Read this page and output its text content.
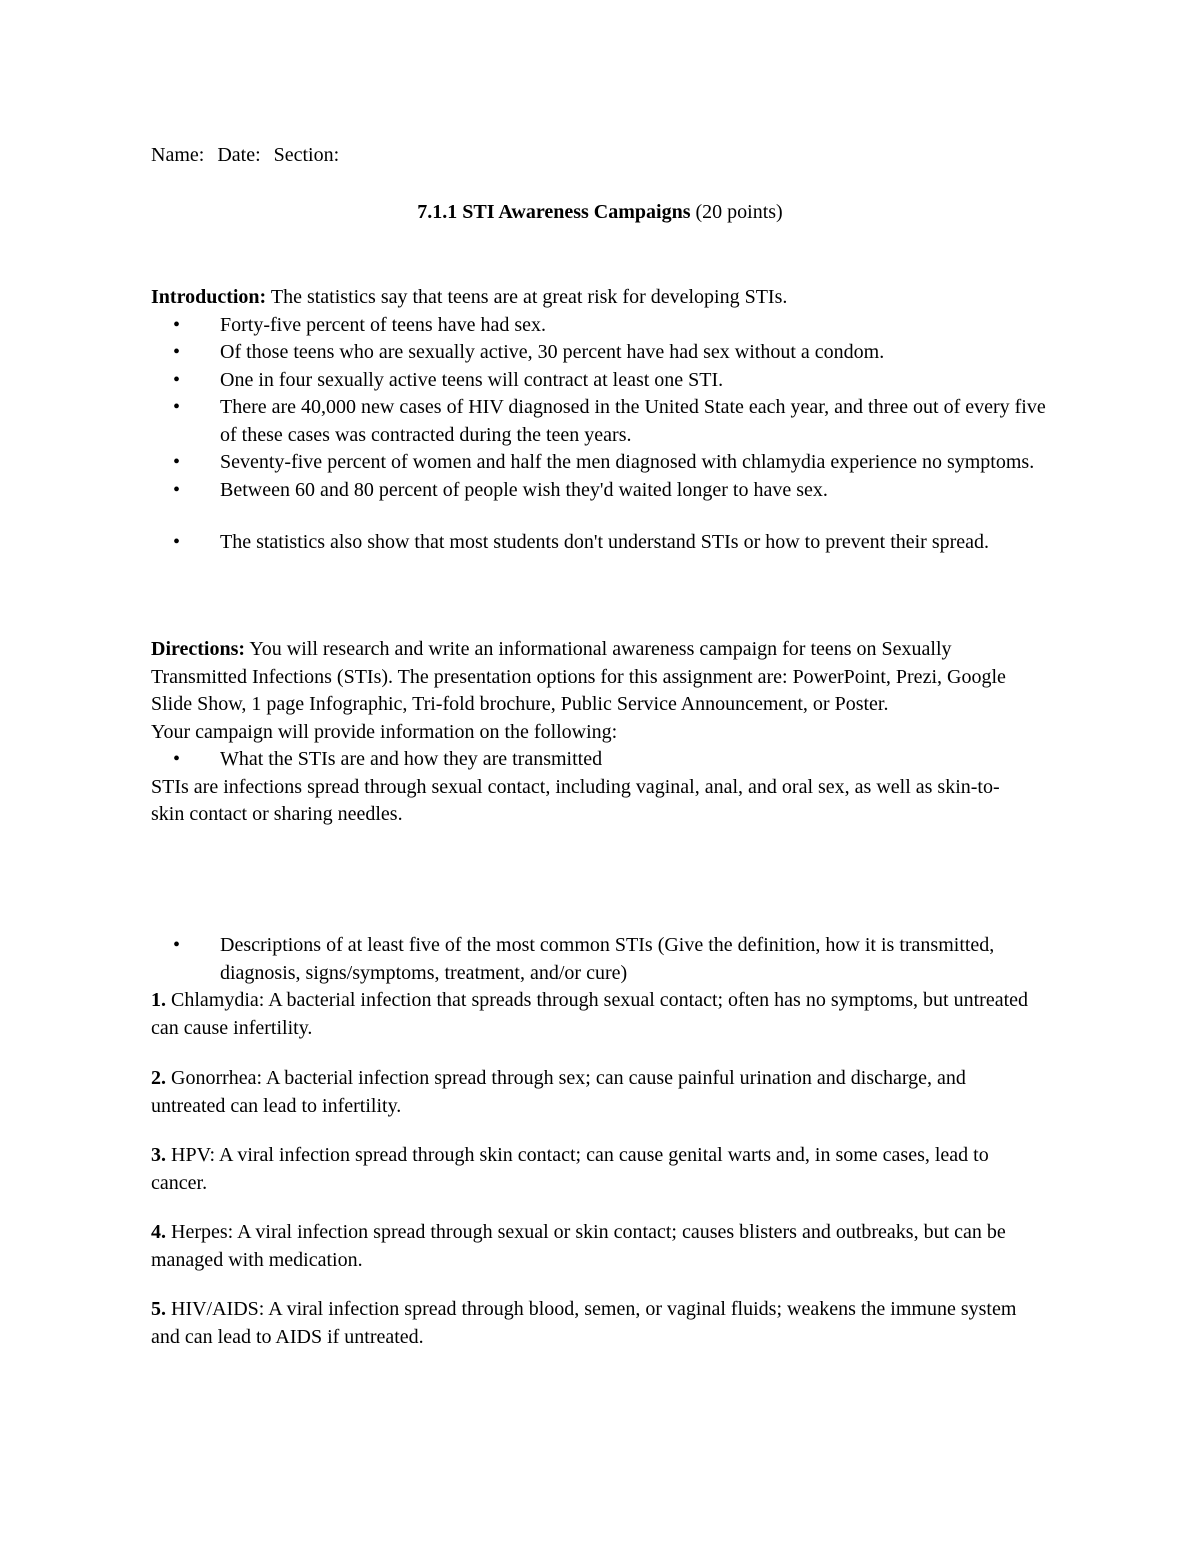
Name: Date: Section:
7.1.1 STI Awareness Campaigns (20 points)

Introduction: The statistics say that teens are at great risk for developing STIs.

• Forty-five percent of teens have had sex.
• Of those teens who are sexually active, 30 percent have had sex without a condom.
• One in four sexually active teens will contract at least one STI.
• There are 40,000 new cases of HIV diagnosed in the United State each year, and three out of every five of these cases was contracted during the teen years.
• Seventy-five percent of women and half the men diagnosed with chlamydia experience no symptoms.
• Between 60 and 80 percent of people wish they'd waited longer to have sex.
• The statistics also show that most students don't understand STIs or how to prevent their spread.

Directions: You will research and write an informational awareness campaign for teens on Sexually Transmitted Infections (STIs). The presentation options for this assignment are: PowerPoint, Prezi, Google Slide Show, 1 page Infographic, Tri-fold brochure, Public Service Announcement, or Poster.

Your campaign will provide information on the following:

• What the STIs are and how they are transmitted

STIs are infections spread through sexual contact, including vaginal, anal, and oral sex, as well as skin-to-skin contact or sharing needles.

• Descriptions of at least five of the most common STIs (Give the definition, how it is transmitted, diagnosis, signs/symptoms, treatment, and/or cure)

1. Chlamydia: A bacterial infection that spreads through sexual contact; often has no symptoms, but untreated can cause infertility.

2. Gonorrhea: A bacterial infection spread through sex; can cause painful urination and discharge, and untreated can lead to infertility.

3. HPV: A viral infection spread through skin contact; can cause genital warts and, in some cases, lead to cancer.

4. Herpes: A viral infection spread through sexual or skin contact; causes blisters and outbreaks, but can be managed with medication.

5. HIV/AIDS: A viral infection spread through blood, semen, or vaginal fluids; weakens the immune system and can lead to AIDS if untreated.
